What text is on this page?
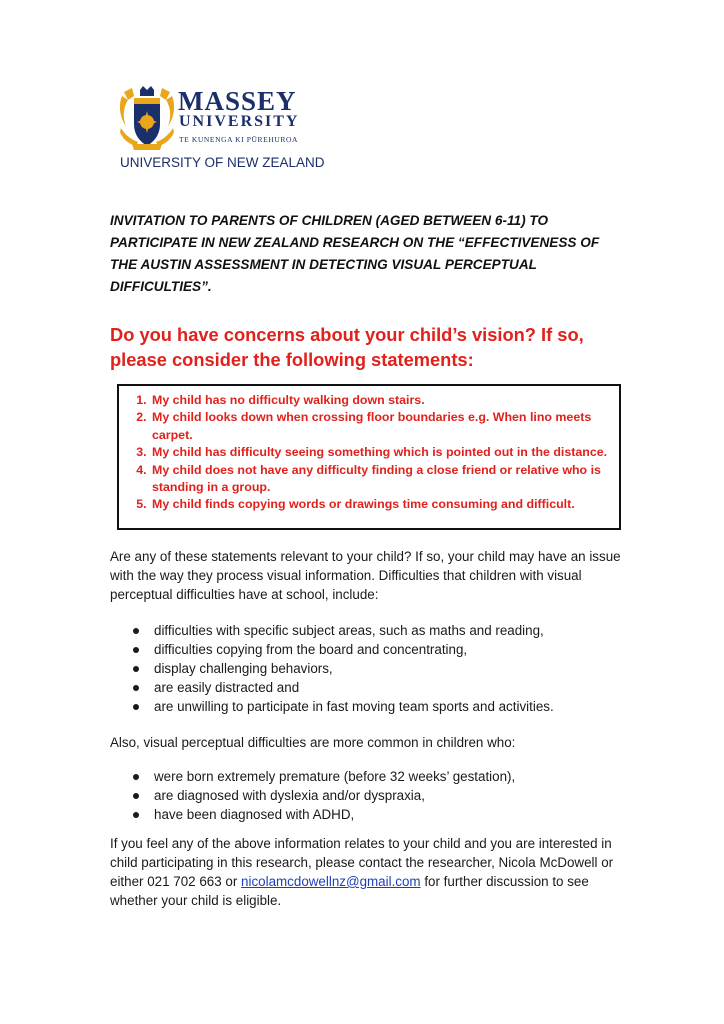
MASSEY
UNIVERSITY
TE KUNENGA KI PŪREHUROA
UNIVERSITY OF NEW ZEALAND
INVITATION TO PARENTS OF CHILDREN (AGED BETWEEN 6-11) TO PARTICIPATE IN NEW ZEALAND RESEARCH ON THE “EFFECTIVENESS OF THE AUSTIN ASSESSMENT IN DETECTING VISUAL PERCEPTUAL DIFFICULTIES”.
Do you have concerns about your child’s vision? If so, please consider the following statements:
1. My child has no difficulty walking down stairs.
2. My child looks down when crossing floor boundaries e.g. When lino meets carpet.
3. My child has difficulty seeing something which is pointed out in the distance.
4. My child does not have any difficulty finding a close friend or relative who is standing in a group.
5. My child finds copying words or drawings time consuming and difficult.
Are any of these statements relevant to your child? If so, your child may have an issue with the way they process visual information. Difficulties that children with visual perceptual difficulties have at school, include:
difficulties with specific subject areas, such as maths and reading,
difficulties copying from the board and concentrating,
display challenging behaviors,
are easily distracted and
are unwilling to participate in fast moving team sports and activities.
Also, visual perceptual difficulties are more common in children who:
were born extremely premature (before 32 weeks’ gestation),
are diagnosed with dyslexia and/or dyspraxia,
have been diagnosed with ADHD,
If you feel any of the above information relates to your child and you are interested in child participating in this research, please contact the researcher, Nicola McDowell or either 021 702 663 or nicolamcdowellnz@gmail.com for further discussion to see whether your child is eligible.
